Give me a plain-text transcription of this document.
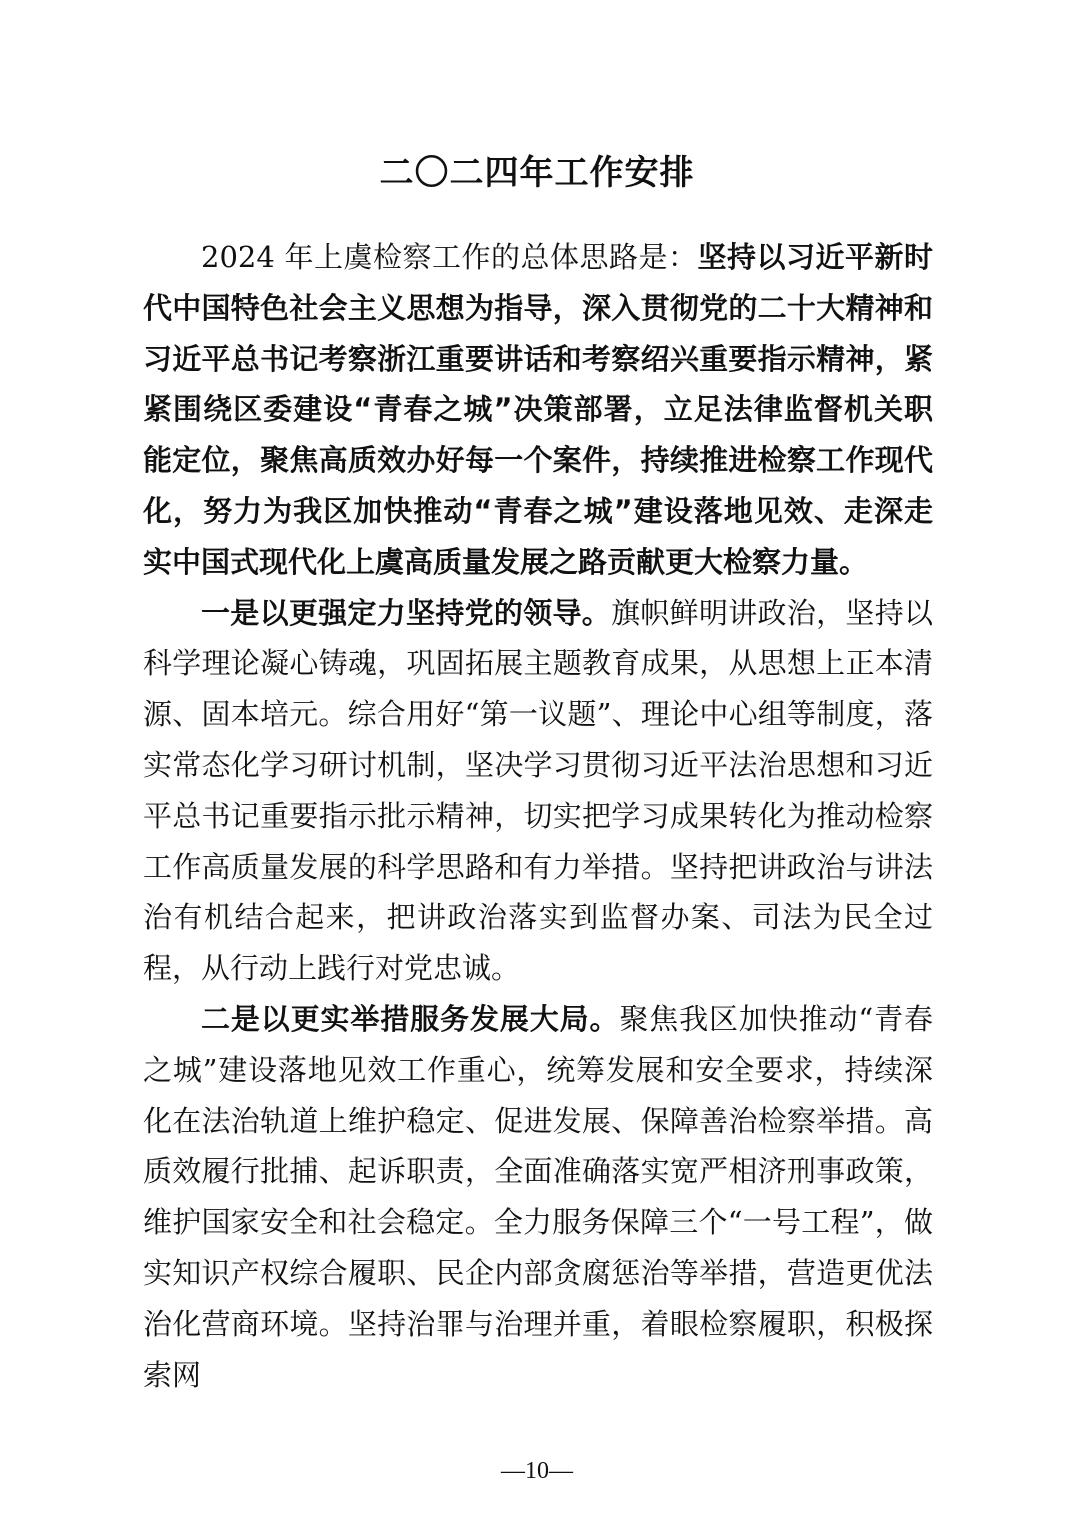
二〇二四年工作安排

2024 年上虞检察工作的总体思路是：坚持以习近平新时代中国特色社会主义思想为指导，深入贯彻党的二十大精神和习近平总书记考察浙江重要讲话和考察绍兴重要指示精神，紧紧围绕区委建设“青春之城”决策部署，立足法律监督机关职能定位，聚焦高质效办好每一个案件，持续推进检察工作现代化，努力为我区加快推动“青春之城”建设落地见效、走深走实中国式现代化上虞高质量发展之路贡献更大检察力量。

一是以更强定力坚持党的领导。旗帜鲜明讲政治，坚持以科学理论凝心铸魂，巩固拓展主题教育成果，从思想上正本清源、固本培元。综合用好“第一议题”、理论中心组等制度，落实常态化学习研讨机制，坚决学习贯彻习近平法治思想和习近平总书记重要指示批示精神，切实把学习成果转化为推动检察工作高质量发展的科学思路和有力举措。坚持把讲政治与讲法治有机结合起来，把讲政治落实到监督办案、司法为民全过程，从行动上践行对党忠诚。

二是以更实举措服务发展大局。聚焦我区加快推动“青春之城”建设落地见效工作重心，统筹发展和安全要求，持续深化在法治轨道上维护稳定、促进发展、保障善治检察举措。高质效履行批捕、起诉职责，全面准确落实宽严相济刑事政策，维护国家安全和社会稳定。全力服务保障三个“一号工程”，做实知识产权综合履职、民企内部贪腐惩治等举措，营造更优法治化营商环境。坚持治罪与治理并重，着眼检察履职，积极探索网

—10—
